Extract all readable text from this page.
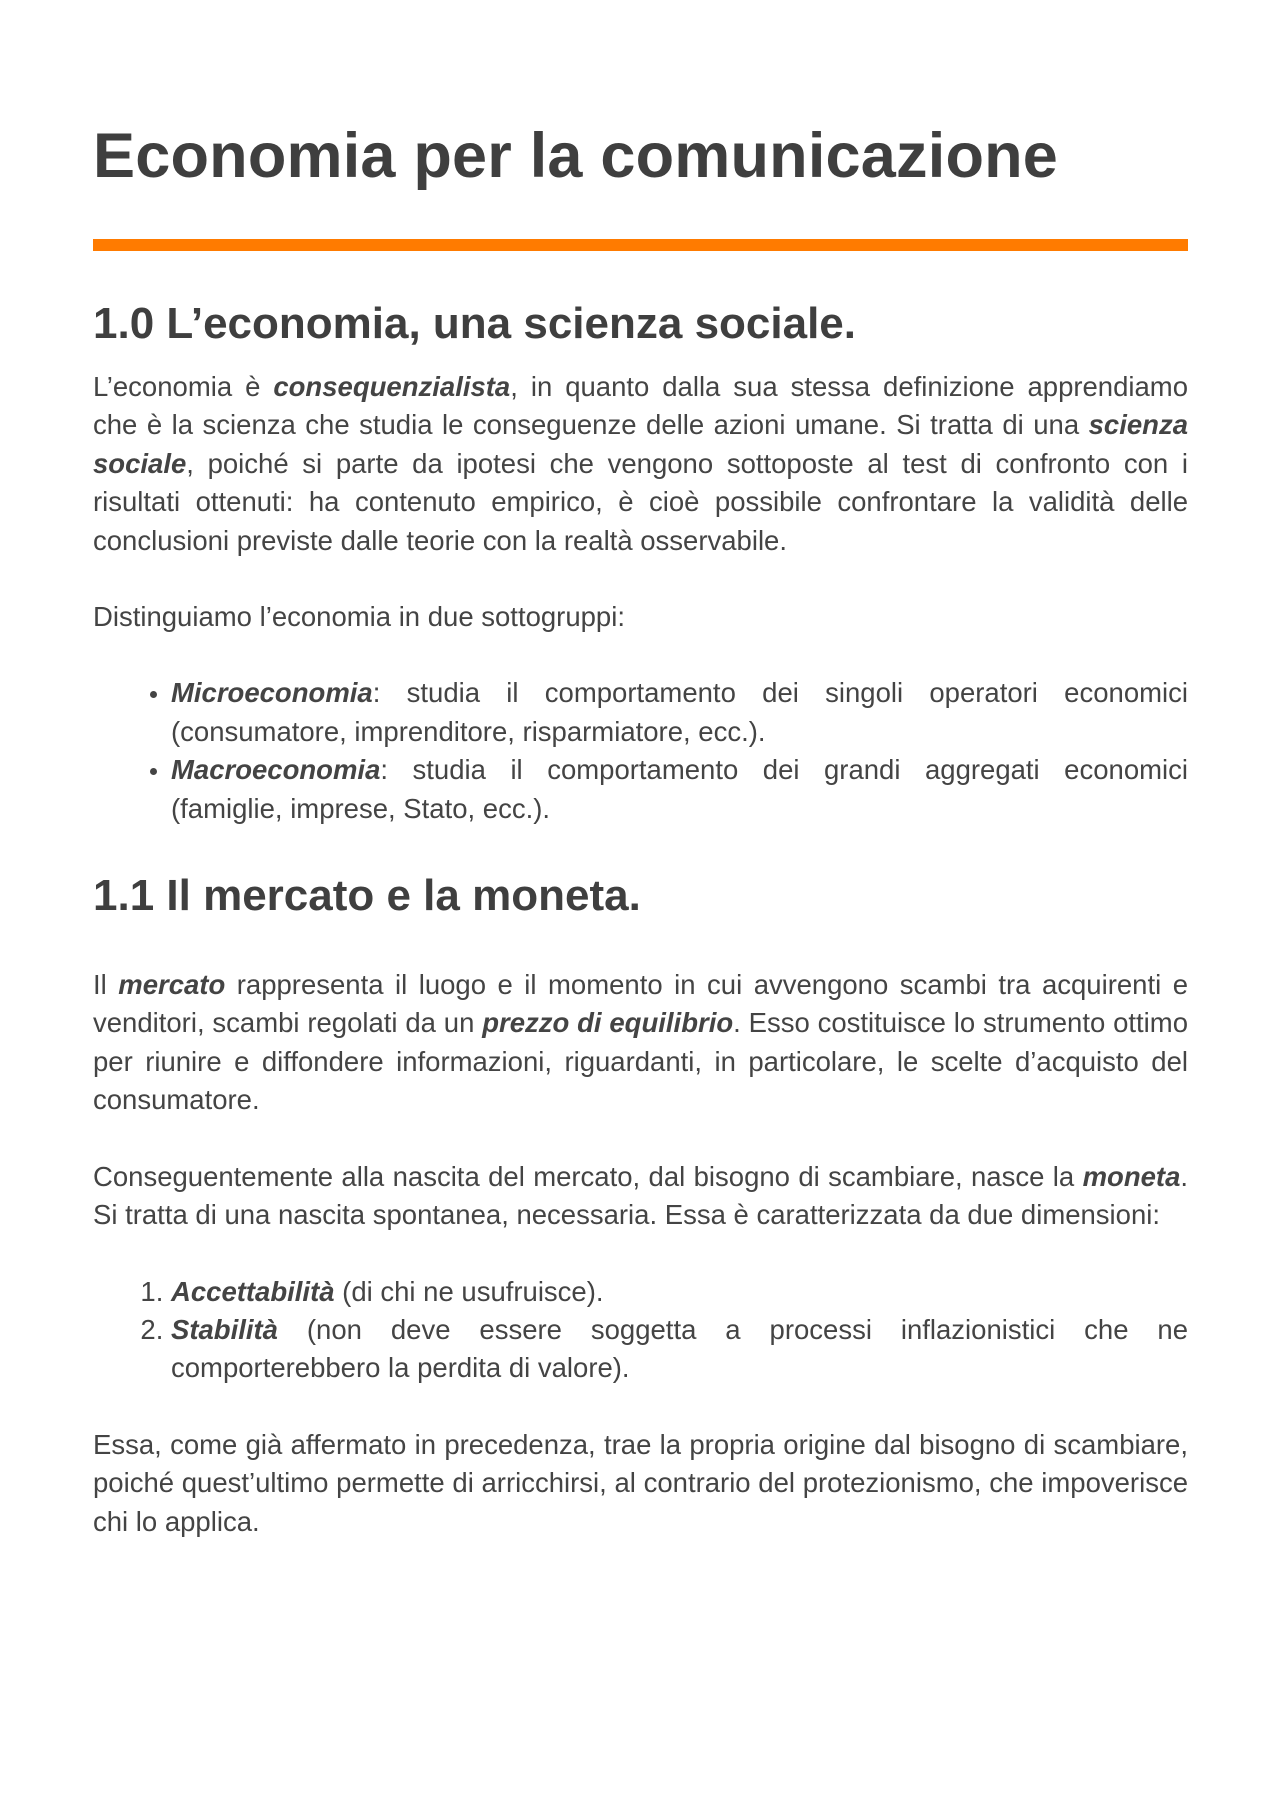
Economia per la comunicazione
1.0 L’economia, una scienza sociale.

L’economia è consequenzialista, in quanto dalla sua stessa definizione apprendiamo che è la scienza che studia le conseguenze delle azioni umane. Si tratta di una scienza sociale, poiché si parte da ipotesi che vengono sottoposte al test di confronto con i risultati ottenuti: ha contenuto empirico, è cioè possibile confrontare la validità delle conclusioni previste dalle teorie con la realtà osservabile.

Distinguiamo l’economia in due sottogruppi:

• Microeconomia: studia il comportamento dei singoli operatori economici (consumatore, imprenditore, risparmiatore, ecc.).
• Macroeconomia: studia il comportamento dei grandi aggregati economici (famiglie, imprese, Stato, ecc.).
1.1 Il mercato e la moneta.

Il mercato rappresenta il luogo e il momento in cui avvengono scambi tra acquirenti e venditori, scambi regolati da un prezzo di equilibrio. Esso costituisce lo strumento ottimo per riunire e diffondere informazioni, riguardanti, in particolare, le scelte d’acquisto del consumatore.

Conseguentemente alla nascita del mercato, dal bisogno di scambiare, nasce la moneta. Si tratta di una nascita spontanea, necessaria. Essa è caratterizzata da due dimensioni:

1. Accettabilità (di chi ne usufruisce).
2. Stabilità (non deve essere soggetta a processi inflazionistici che ne comporterebbero la perdita di valore).

Essa, come già affermato in precedenza, trae la propria origine dal bisogno di scambiare, poiché quest’ultimo permette di arricchirsi, al contrario del protezionismo, che impoverisce chi lo applica.
